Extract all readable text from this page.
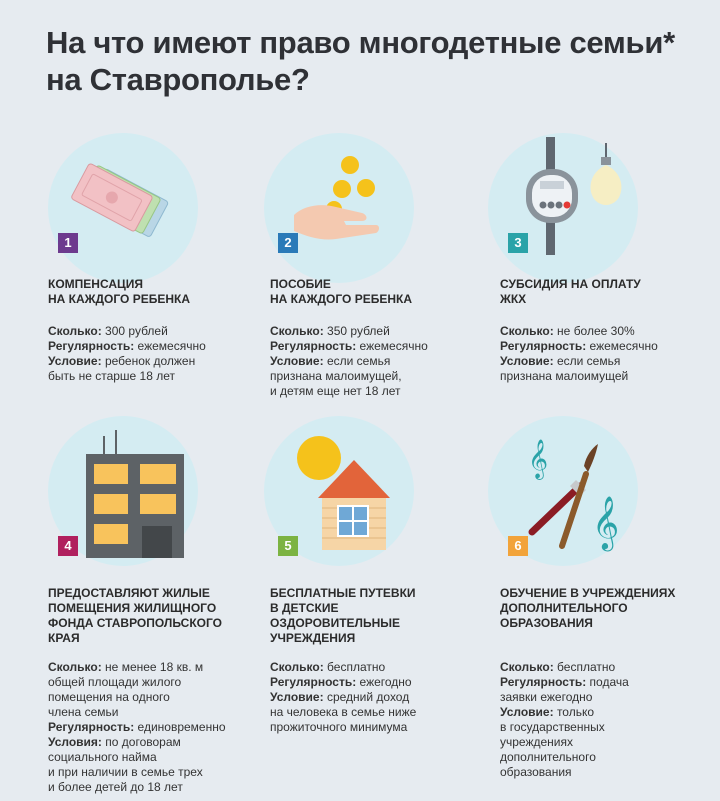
На что имеют право многодетные семьи*
на Ставрополье?
1	2	3
4	5
𝄞
𝄞
6
КОМПЕНСАЦИЯ
НА КАЖДОГО РЕБЕНКА
ПОСОБИЕ
НА КАЖДОГО РЕБЕНКА
СУБСИДИЯ НА ОПЛАТУ
ЖКХ
ПРЕДОСТАВЛЯЮТ ЖИЛЫЕ
ПОМЕЩЕНИЯ ЖИЛИЩНОГО
ФОНДА СТАВРОПОЛЬСКОГО
КРАЯ
БЕСПЛАТНЫЕ ПУТЕВКИ
В ДЕТСКИЕ
ОЗДОРОВИТЕЛЬНЫЕ
УЧРЕЖДЕНИЯ
ОБУЧЕНИЕ В УЧРЕЖДЕНИЯХ
ДОПОЛНИТЕЛЬНОГО
ОБРАЗОВАНИЯ
Сколько: 300 рублей
Регулярность: ежемесячно
Условие: ребенок должен
быть не старше 18 лет
Сколько: 350 рублей
Регулярность: ежемесячно
Условие: если семья
признана малоимущей,
и детям еще нет 18 лет
Сколько: не более 30%
Регулярность: ежемесячно
Условие: если семья
признана малоимущей
Сколько: не менее 18 кв. м
общей площади жилого
помещения на одного
члена семьи
Регулярность: единовременно
Условия: по договорам
социального найма
и при наличии в семье трех
и более детей до 18 лет
Сколько: бесплатно
Регулярность: ежегодно
Условие: средний доход
на человека в семье ниже
прожиточного минимума
Сколько: бесплатно
Регулярность: подача
заявки ежегодно
Условие: только
в государственных
учреждениях
дополнительного
образования
